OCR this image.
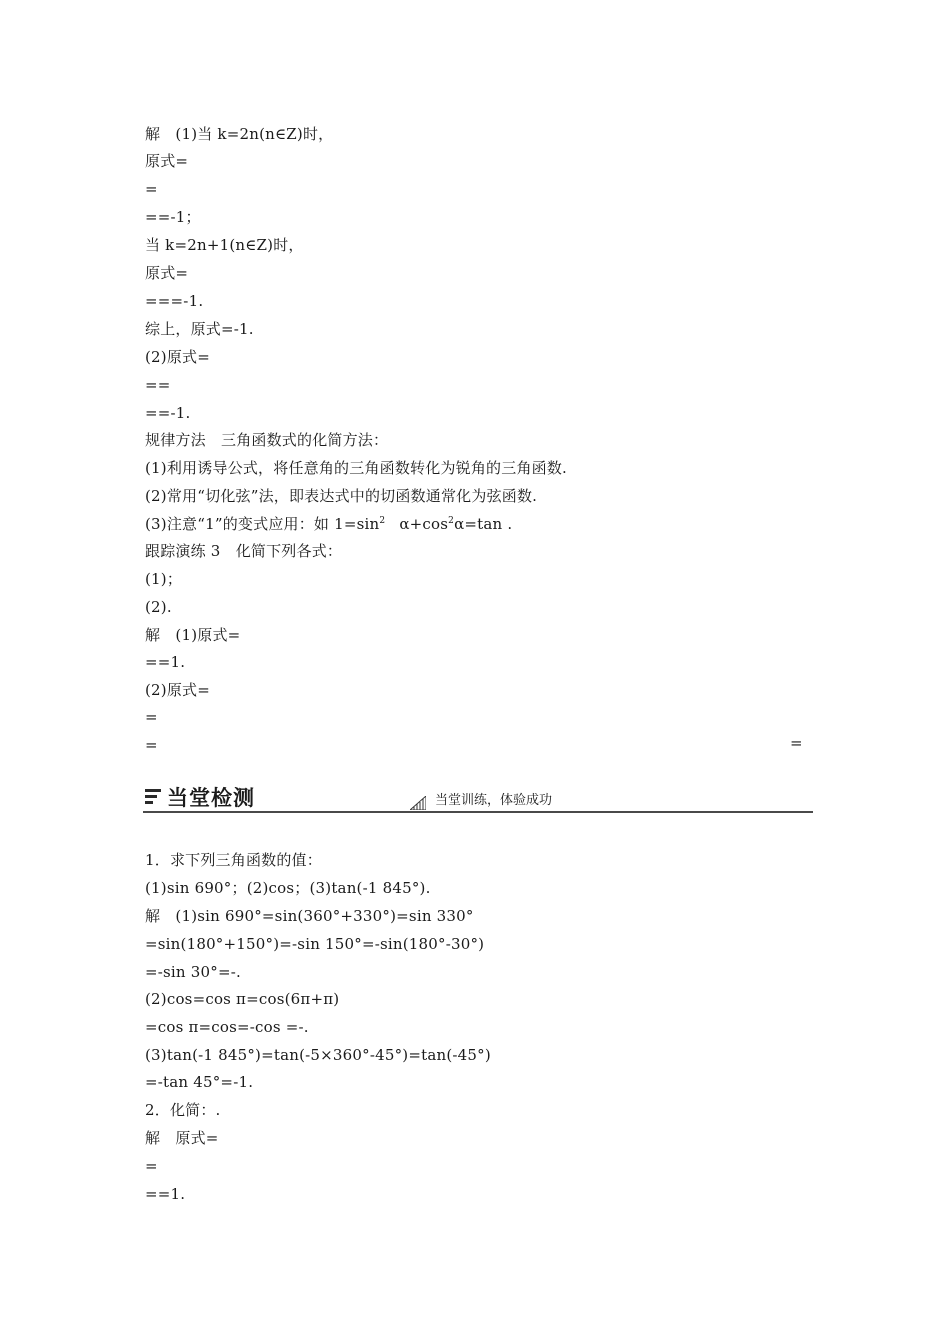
解　(1)当 k=2n(n∈Z)时，
原式=
=
==-1；
当 k=2n+1(n∈Z)时，
原式=
===-1.
综上，原式=-1.
(2)原式=
==
==-1.
规律方法　三角函数式的化简方法：
(1)利用诱导公式，将任意角的三角函数转化为锐角的三角函数.
(2)常用“切化弦”法，即表达式中的切函数通常化为弦函数.
(3)注意“1”的变式应用：如 $1=\sin^2$ $\alpha+\cos^2\alpha=\tan$ .
跟踪演练 3　化简下列各式：
(1)；
(2).
解　(1)原式=
==1.
(2)原式=
=
=	=
当堂检测	当堂训练，体验成功
1．求下列三角函数的值：
(1)sin 690°；(2)cos；(3)tan(-1 845°).
解　(1)sin 690°=sin(360°+330°)=sin 330°
=sin(180°+150°)=-sin 150°=-sin(180°-30°)
=-sin 30°=-.
(2)cos=cos π=cos(6π+π)
=cos π=cos=-cos =-.
(3)tan(-1 845°)=tan(-5×360°-45°)=tan(-45°)
=-tan 45°=-1.
2．化简：.
解　原式=
=
==1.
